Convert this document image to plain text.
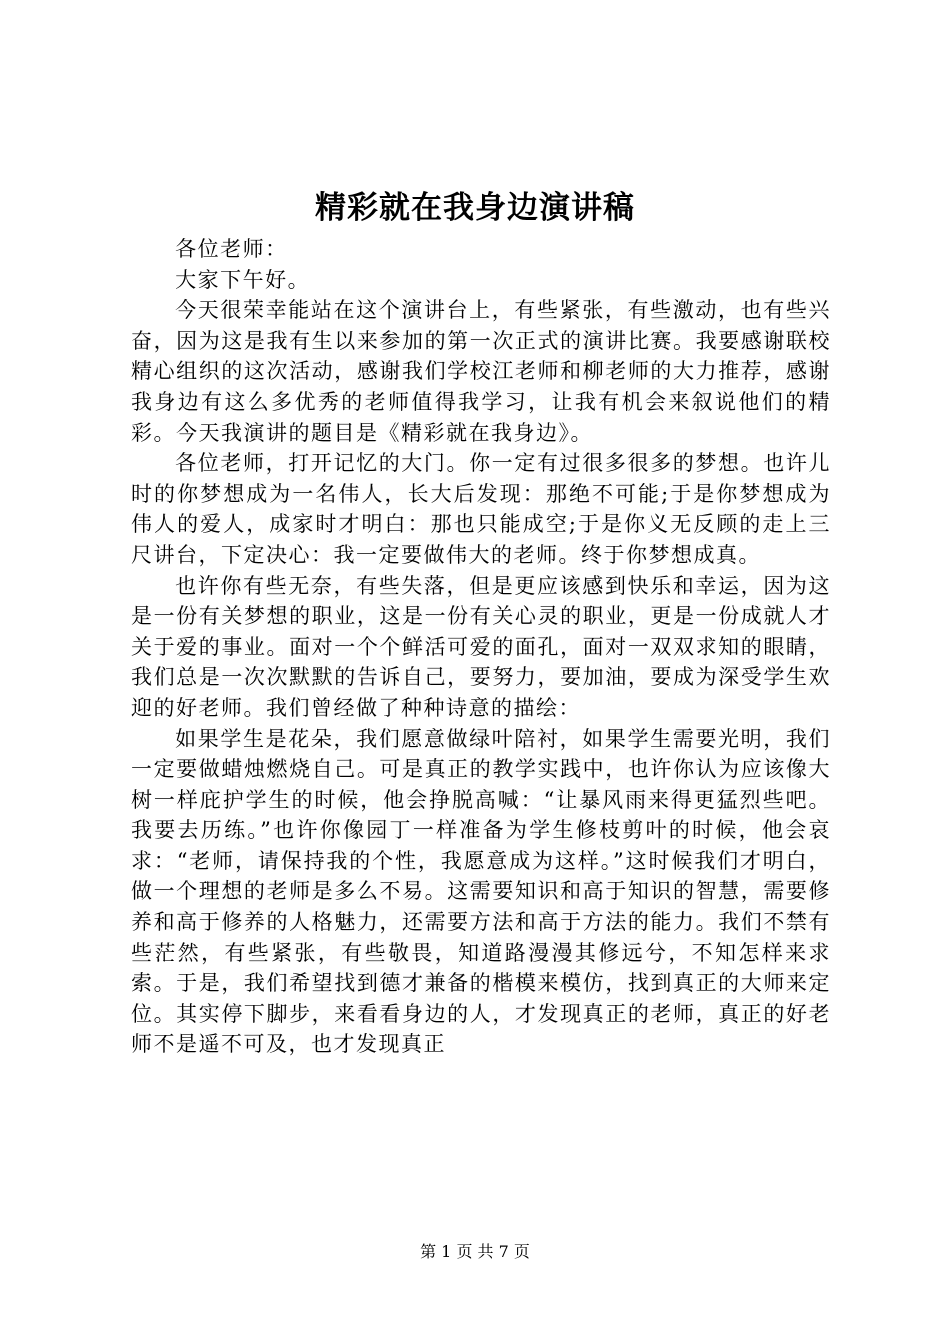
精彩就在我身边演讲稿

各位老师：

大家下午好。

今天很荣幸能站在这个演讲台上，有些紧张，有些激动，也有些兴奋，因为这是我有生以来参加的第一次正式的演讲比赛。我要感谢联校精心组织的这次活动，感谢我们学校江老师和柳老师的大力推荐，感谢我身边有这么多优秀的老师值得我学习，让我有机会来叙说他们的精彩。今天我演讲的题目是《精彩就在我身边》。

各位老师，打开记忆的大门。你一定有过很多很多的梦想。也许儿时的你梦想成为一名伟人，长大后发现：那绝不可能;于是你梦想成为伟人的爱人，成家时才明白：那也只能成空;于是你义无反顾的走上三尺讲台，下定决心：我一定要做伟大的老师。终于你梦想成真。

也许你有些无奈，有些失落，但是更应该感到快乐和幸运，因为这是一份有关梦想的职业，这是一份有关心灵的职业，更是一份成就人才关于爱的事业。面对一个个鲜活可爱的面孔，面对一双双求知的眼睛，我们总是一次次默默的告诉自己，要努力，要加油，要成为深受学生欢迎的好老师。我们曾经做了种种诗意的描绘：

如果学生是花朵，我们愿意做绿叶陪衬，如果学生需要光明，我们一定要做蜡烛燃烧自己。可是真正的教学实践中，也许你认为应该像大树一样庇护学生的时候，他会挣脱高喊：“让暴风雨来得更猛烈些吧。我要去历练。”也许你像园丁一样准备为学生修枝剪叶的时候，他会哀求：“老师，请保持我的个性，我愿意成为这样。”这时候我们才明白，做一个理想的老师是多么不易。这需要知识和高于知识的智慧，需要修养和高于修养的人格魅力，还需要方法和高于方法的能力。我们不禁有些茫然，有些紧张，有些敬畏，知道路漫漫其修远兮，不知怎样来求索。于是，我们希望找到德才兼备的楷模来模仿，找到真正的大师来定位。其实停下脚步，来看看身边的人，才发现真正的老师，真正的好老师不是遥不可及，也才发现真正

第 1 页 共 7 页
